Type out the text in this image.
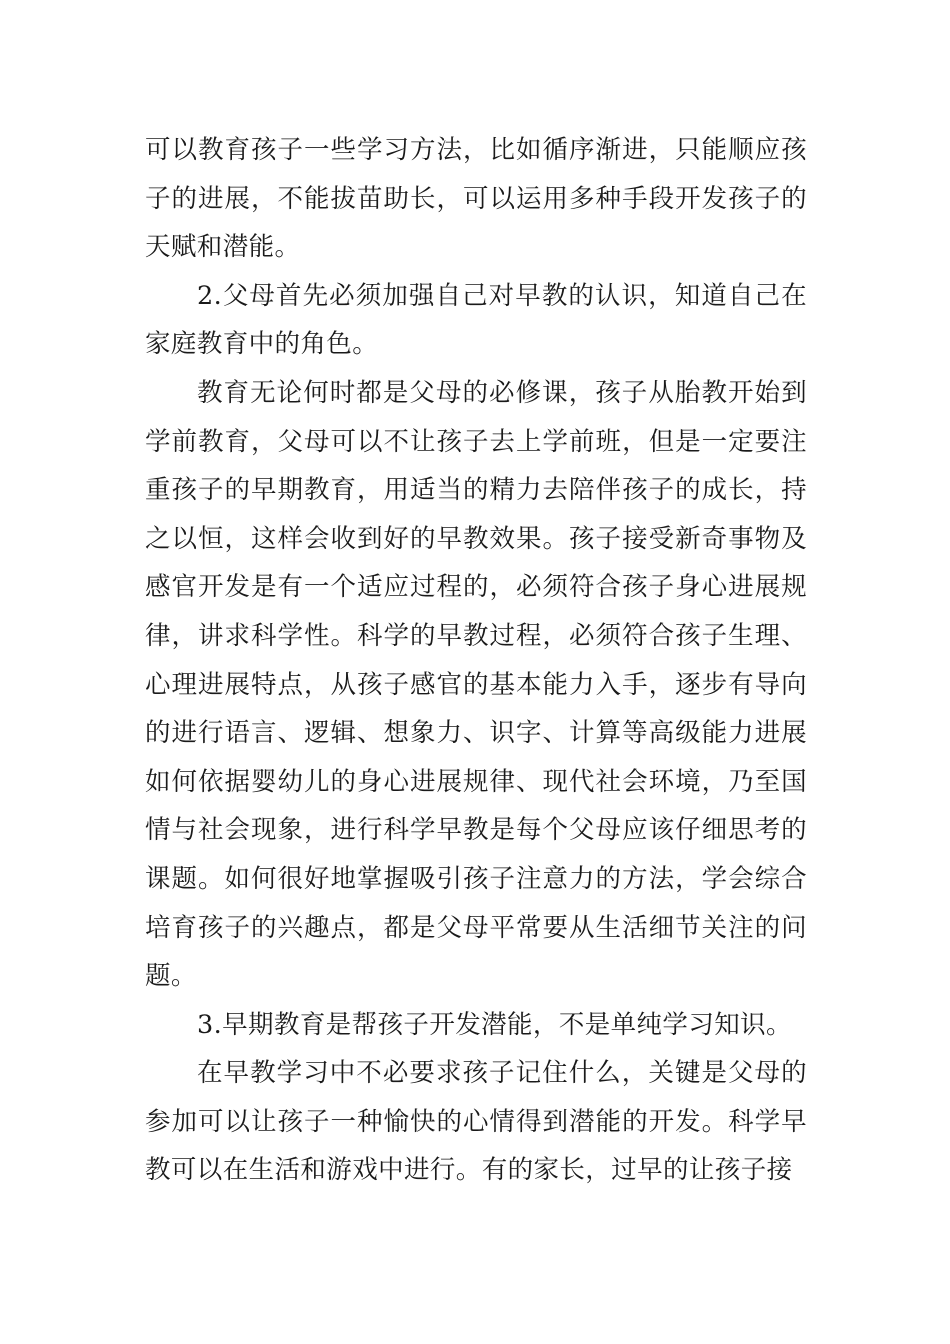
可以教育孩子一些学习方法，比如循序渐进，只能顺应孩子的进展，不能拔苗助长，可以运用多种手段开发孩子的天赋和潜能。

2.父母首先必须加强自己对早教的认识，知道自己在家庭教育中的角色。

教育无论何时都是父母的必修课，孩子从胎教开始到学前教育，父母可以不让孩子去上学前班，但是一定要注重孩子的早期教育，用适当的精力去陪伴孩子的成长，持之以恒，这样会收到好的早教效果。孩子接受新奇事物及感官开发是有一个适应过程的，必须符合孩子身心进展规律，讲求科学性。科学的早教过程，必须符合孩子生理、心理进展特点，从孩子感官的基本能力入手，逐步有导向的进行语言、逻辑、想象力、识字、计算等高级能力进展如何依据婴幼儿的身心进展规律、现代社会环境，乃至国情与社会现象，进行科学早教是每个父母应该仔细思考的课题。如何很好地掌握吸引孩子注意力的方法，学会综合培育孩子的兴趣点，都是父母平常要从生活细节关注的问题。

3.早期教育是帮孩子开发潜能，不是单纯学习知识。

在早教学习中不必要求孩子记住什么，关键是父母的参加可以让孩子一种愉快的心情得到潜能的开发。科学早教可以在生活和游戏中进行。有的家长，过早的让孩子接
